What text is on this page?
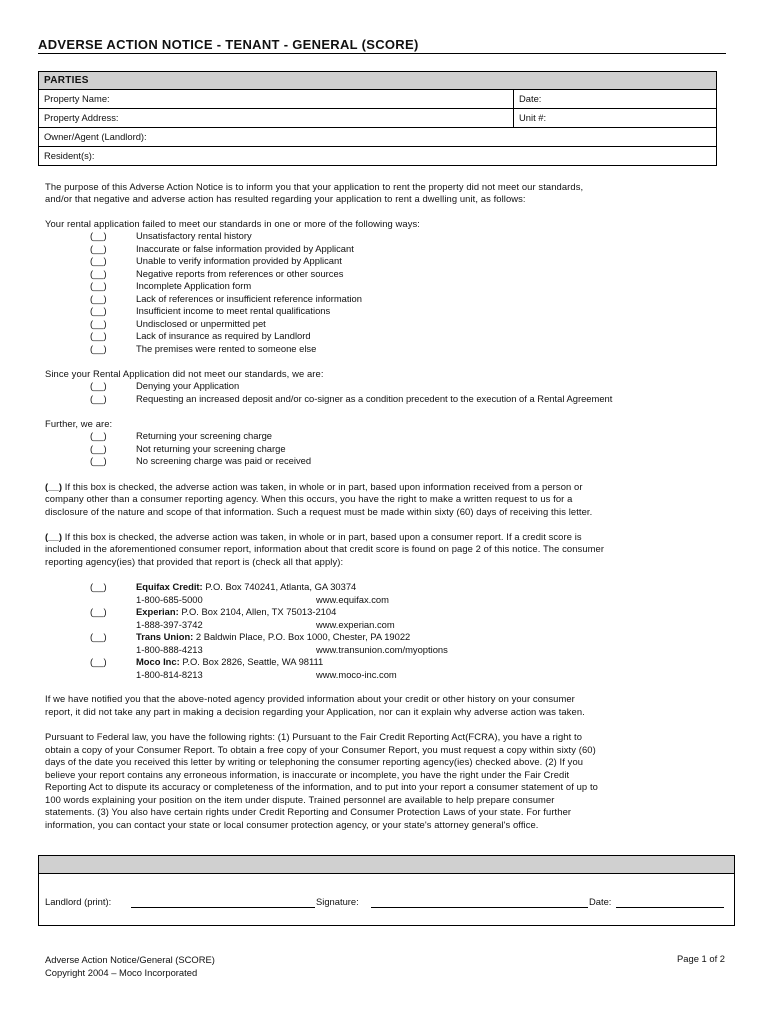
ADVERSE ACTION NOTICE - TENANT - GENERAL (SCORE)
PARTIES
Property Name:	Date:
Property Address:	Unit #:
Owner/Agent (Landlord):
Resident(s):
The purpose of this Adverse Action Notice is to inform you that your application to rent the property did not meet our standards,
and/or that negative and adverse action has resulted regarding your application to rent a dwelling unit, as follows:
Your rental application failed to meet our standards in one or more of the following ways:
(__)	Unsatisfactory rental history
(__)	Inaccurate or false information provided by Applicant
(__)	Unable to verify information provided by Applicant
(__)	Negative reports from references or other sources
(__)	Incomplete Application form
(__)	Lack of references or insufficient reference information
(__)	Insufficient income to meet rental qualifications
(__)	Undisclosed or unpermitted pet
(__)	Lack of insurance as required by Landlord
(__)	The premises were rented to someone else
Since your Rental Application did not meet our standards, we are:
(__)	Denying your Application
(__)	Requesting an increased deposit and/or co-signer as a condition precedent to the execution of a Rental Agreement
Further, we are:
(__)	Returning your screening charge
(__)	Not returning your screening charge
(__)	No screening charge was paid or received
(__) If this box is checked, the adverse action was taken, in whole or in part, based upon information received from a person or
company other than a consumer reporting agency. When this occurs, you have the right to make a written request to us for a
disclosure of the nature and scope of that information. Such a request must be made within sixty (60) days of receiving this letter.
(__) If this box is checked, the adverse action was taken, in whole or in part, based upon a consumer report. If a credit score is
included in the aforementioned consumer report, information about that credit score is found on page 2 of this notice. The consumer
reporting agency(ies) that provided that report is (check all that apply):
(__)	Equifax Credit: P.O. Box 740241, Atlanta, GA 30374
1-800-685-5000	www.equifax.com
(__)	Experian: P.O. Box 2104, Allen, TX 75013-2104
1-888-397-3742	www.experian.com
(__)	Trans Union: 2 Baldwin Place, P.O. Box 1000, Chester, PA 19022
1-800-888-4213	www.transunion.com/myoptions
(__)	Moco Inc: P.O. Box 2826, Seattle, WA 98111
1-800-814-8213	www.moco-inc.com
If we have notified you that the above-noted agency provided information about your credit or other history on your consumer
report, it did not take any part in making a decision regarding your Application, nor can it explain why adverse action was taken.
Pursuant to Federal law, you have the following rights: (1) Pursuant to the Fair Credit Reporting Act(FCRA), you have a right to
obtain a copy of your Consumer Report. To obtain a free copy of your Consumer Report, you must request a copy within sixty (60)
days of the date you received this letter by writing or telephoning the consumer reporting agency(ies) checked above. (2) If you
believe your report contains any erroneous information, is inaccurate or incomplete, you have the right under the Fair Credit
Reporting Act to dispute its accuracy or completeness of the information, and to put into your report a consumer statement of up to
100 words explaining your position on the item under dispute. Trained personnel are available to help prepare consumer
statements. (3) You also have certain rights under Credit Reporting and Consumer Protection Laws of your state. For further
information, you can contact your state or local consumer protection agency, or your state's attorney general's office.
Landlord (print):	Signature:	Date:
Adverse Action Notice/General (SCORE)
Copyright 2004 – Moco Incorporated
Page 1 of 2
